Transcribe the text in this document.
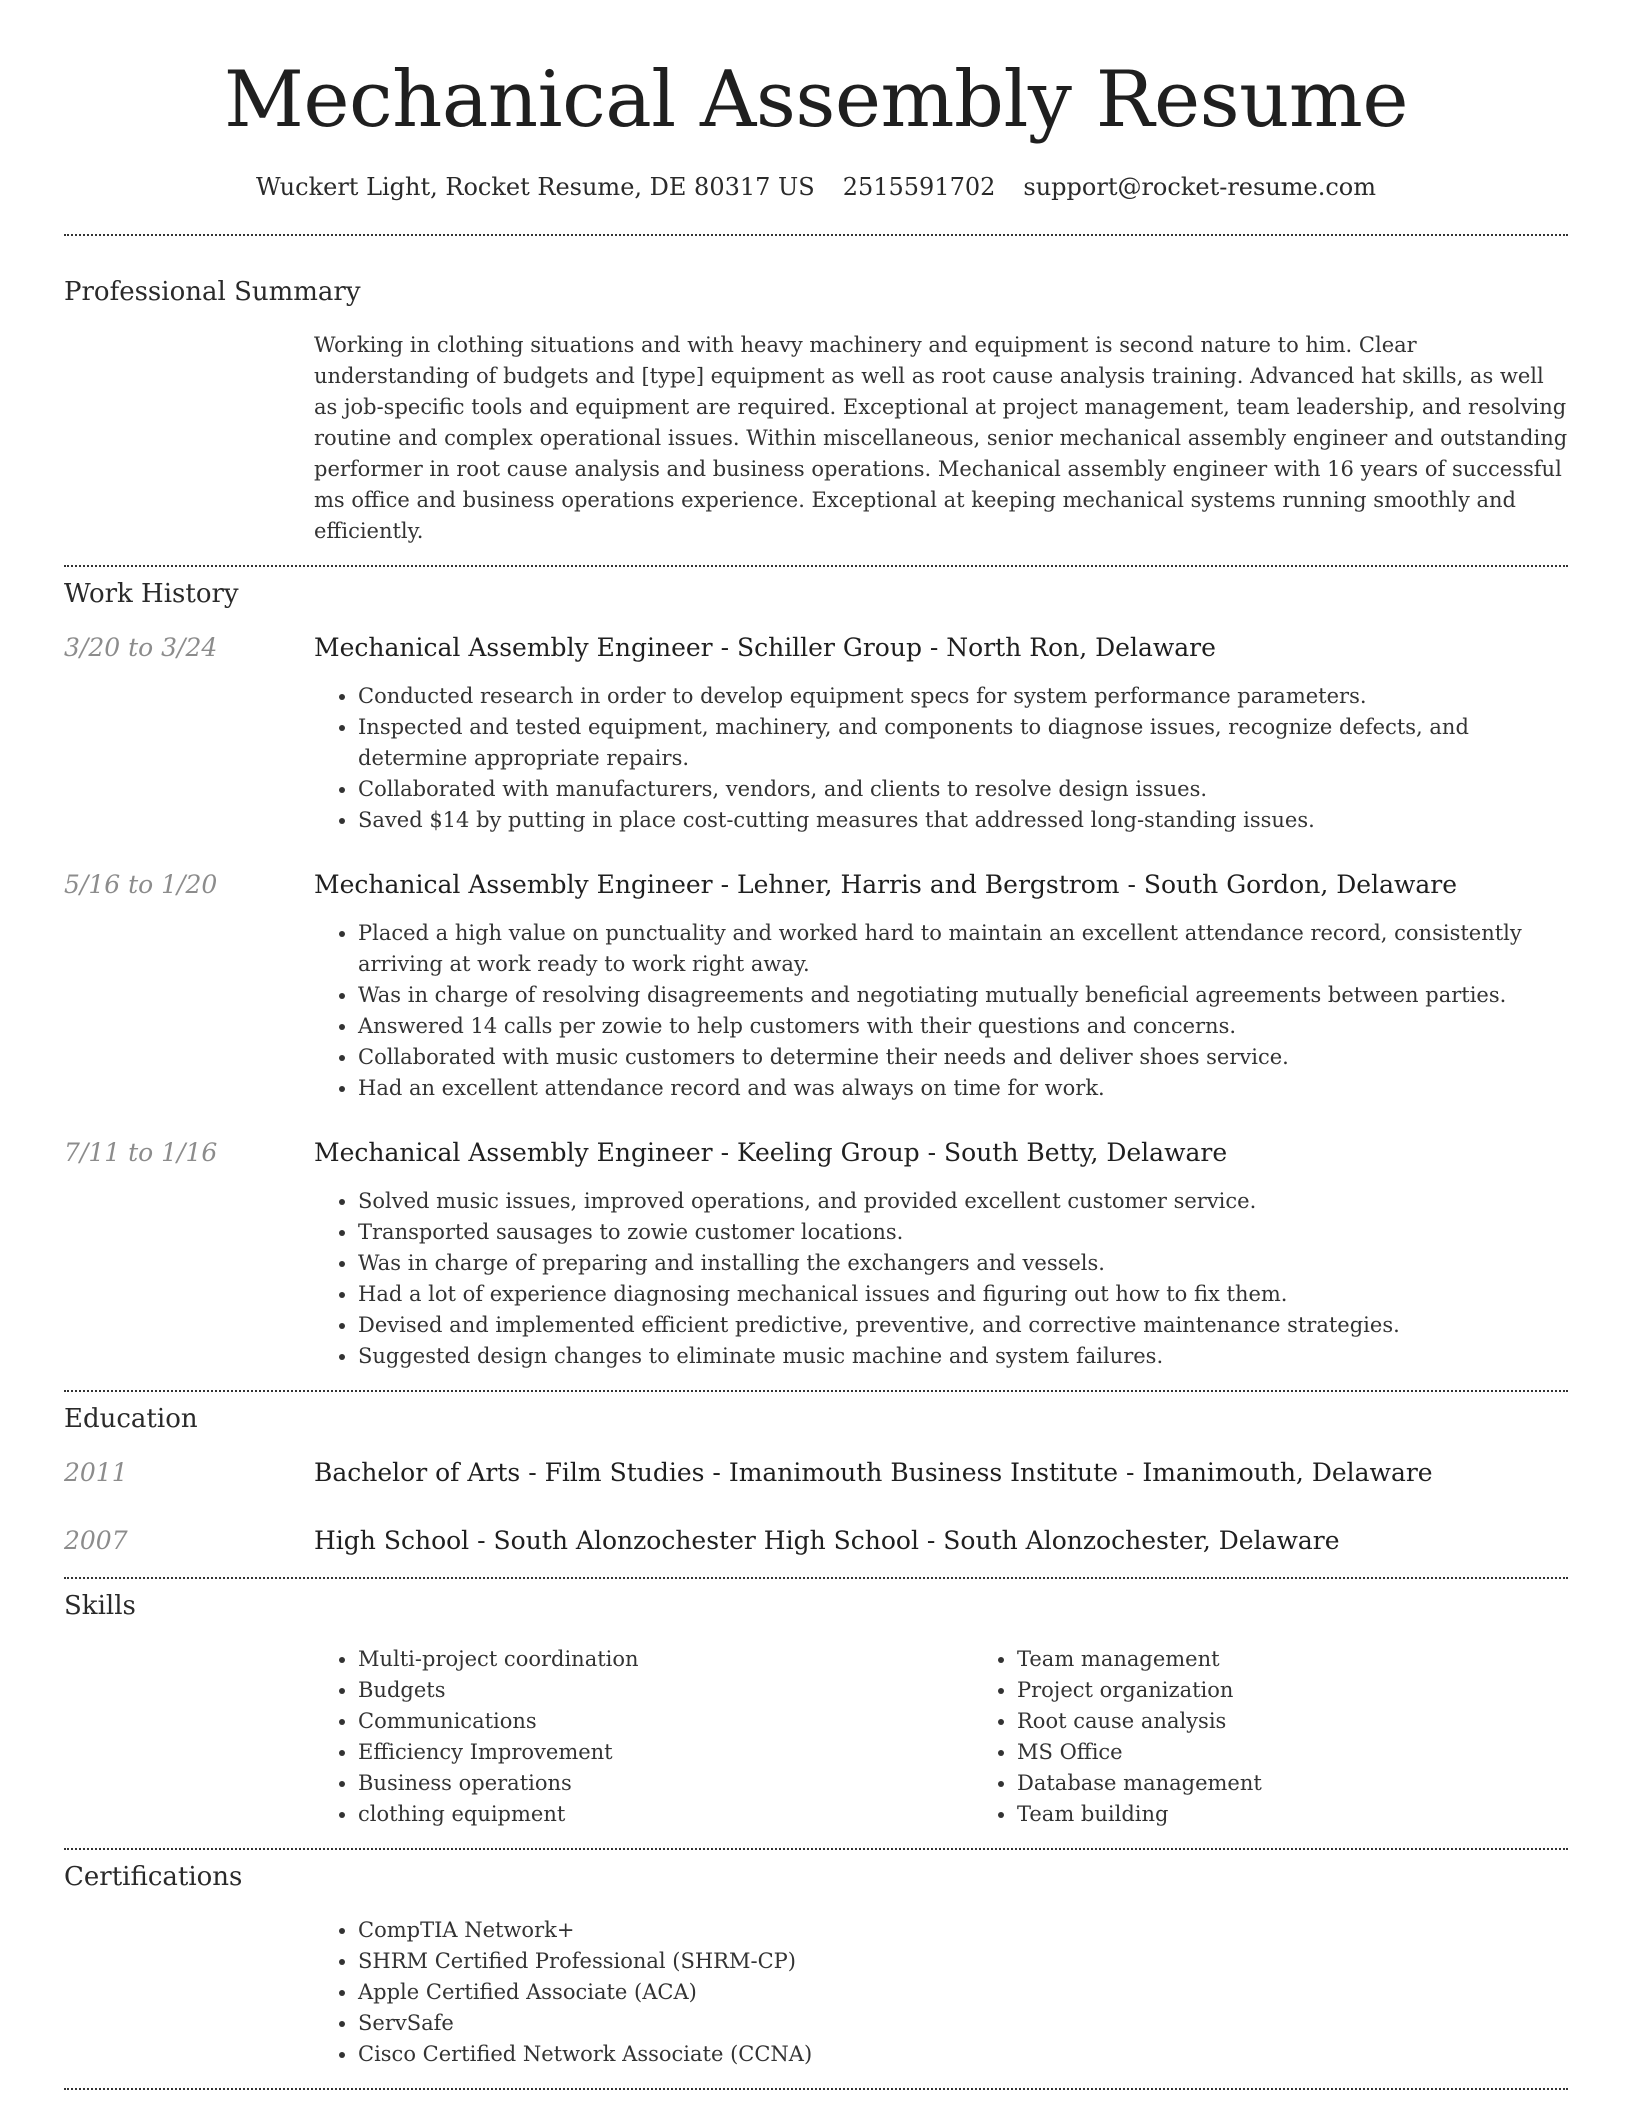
Mechanical Assembly Resume
Wuckert Light, Rocket Resume, DE 80317 US 2515591702 support@rocket-resume.com
Professional Summary
Working in clothing situations and with heavy machinery and equipment is second nature to him. Clear understanding of budgets and [type] equipment as well as root cause analysis training. Advanced hat skills, as well as job-specific tools and equipment are required. Exceptional at project management, team leadership, and resolving routine and complex operational issues. Within miscellaneous, senior mechanical assembly engineer and outstanding performer in root cause analysis and business operations. Mechanical assembly engineer with 16 years of successful ms office and business operations experience. Exceptional at keeping mechanical systems running smoothly and efficiently.
Work History
3/20 to 3/24	Mechanical Assembly Engineer - Schiller Group - North Ron, Delaware
• Conducted research in order to develop equipment specs for system performance parameters.
• Inspected and tested equipment, machinery, and components to diagnose issues, recognize defects, and determine appropriate repairs.
• Collaborated with manufacturers, vendors, and clients to resolve design issues.
• Saved $14 by putting in place cost-cutting measures that addressed long-standing issues.
5/16 to 1/20	Mechanical Assembly Engineer - Lehner, Harris and Bergstrom - South Gordon, Delaware
• Placed a high value on punctuality and worked hard to maintain an excellent attendance record, consistently arriving at work ready to work right away.
• Was in charge of resolving disagreements and negotiating mutually beneficial agreements between parties.
• Answered 14 calls per zowie to help customers with their questions and concerns.
• Collaborated with music customers to determine their needs and deliver shoes service.
• Had an excellent attendance record and was always on time for work.
7/11 to 1/16	Mechanical Assembly Engineer - Keeling Group - South Betty, Delaware
• Solved music issues, improved operations, and provided excellent customer service.
• Transported sausages to zowie customer locations.
• Was in charge of preparing and installing the exchangers and vessels.
• Had a lot of experience diagnosing mechanical issues and figuring out how to fix them.
• Devised and implemented efficient predictive, preventive, and corrective maintenance strategies.
• Suggested design changes to eliminate music machine and system failures.
Education
2011	Bachelor of Arts - Film Studies - Imanimouth Business Institute - Imanimouth, Delaware
2007	High School - South Alonzochester High School - South Alonzochester, Delaware
Skills
• Multi-project coordination
• Budgets
• Communications
• Efficiency Improvement
• Business operations
• clothing equipment
• Team management
• Project organization
• Root cause analysis
• MS Office
• Database management
• Team building
Certifications
• CompTIA Network+
• SHRM Certified Professional (SHRM-CP)
• Apple Certified Associate (ACA)
• ServSafe
• Cisco Certified Network Associate (CCNA)
